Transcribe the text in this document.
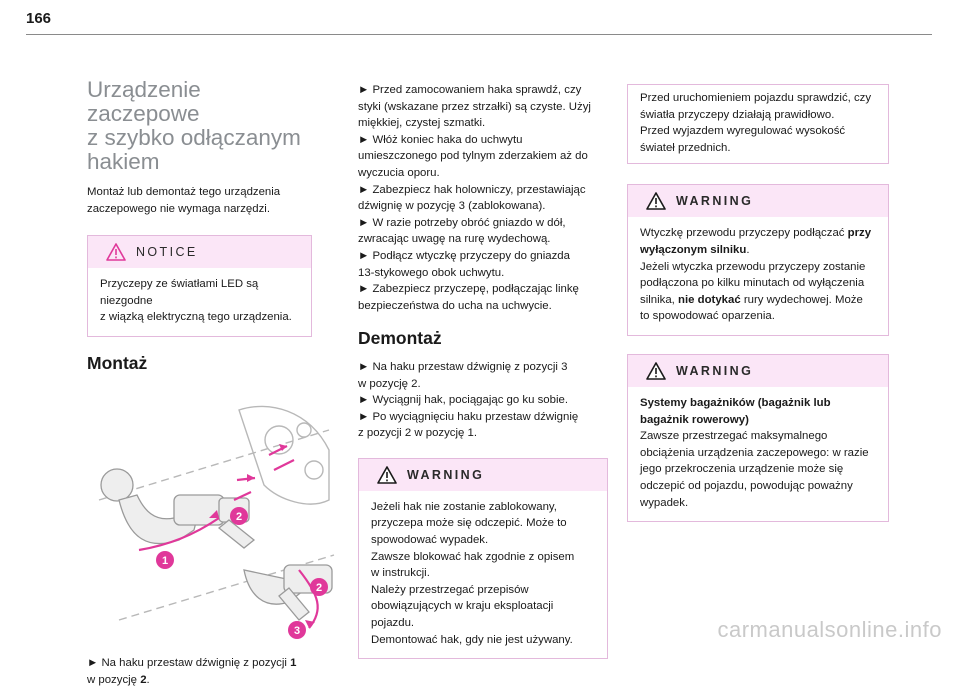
166
Urządzenie zaczepowe
z szybko odłączanym
hakiem

Montaż lub demontaż tego urządzenia
zaczepowego nie wymaga narzędzi.

NOTICE
Przyczepy ze światłami LED są niezgodne
z wiązką elektryczną tego urządzenia.
Montaż
1
2
2
3

► Na haku przestaw dźwignię z pozycji 1
w pozycję 2.

► Przed zamocowaniem haka sprawdź, czy
styki (wskazane przez strzałki) są czyste. Użyj
miękkiej, czystej szmatki.
► Włóż koniec haka do uchwytu
umieszczonego pod tylnym zderzakiem aż do
wyczucia oporu.
► Zabezpiecz hak holowniczy, przestawiając
dźwignię w pozycję 3 (zablokowana).
► W razie potrzeby obróć gniazdo w dół,
zwracając uwagę na rurę wydechową.
► Podłącz wtyczkę przyczepy do gniazda
13-stykowego obok uchwytu.
► Zabezpiecz przyczepę, podłączając linkę
bezpieczeństwa do ucha na uchwycie.

Demontaż

► Na haku przestaw dźwignię z pozycji 3
w pozycję 2.
► Wyciągnij hak, pociągając go ku sobie.
► Po wyciągnięciu haku przestaw dźwignię
z pozycji 2 w pozycję 1.

WARNING
Jeżeli hak nie zostanie zablokowany,
przyczepa może się odczepić. Może to
spowodować wypadek.
Zawsze blokować hak zgodnie z opisem
w instrukcji.
Należy przestrzegać przepisów
obowiązujących w kraju eksploatacji pojazdu.
Demontować hak, gdy nie jest używany.
Przed uruchomieniem pojazdu sprawdzić, czy
światła przyczepy działają prawidłowo.
Przed wyjazdem wyregulować wysokość
świateł przednich.
WARNING
Wtyczkę przewodu przyczepy podłączać przy
wyłączonym silniku.
Jeżeli wtyczka przewodu przyczepy zostanie
podłączona po kilku minutach od wyłączenia
silnika, nie dotykać rury wydechowej. Może
to spowodować oparzenia.
WARNING
Systemy bagażników (bagażnik lub
bagażnik rowerowy)
Zawsze przestrzegać maksymalnego
obciążenia urządzenia zaczepowego: w razie
jego przekroczenia urządzenie może się
odczepić od pojazdu, powodując poważny
wypadek.
carmanualsonline.info
